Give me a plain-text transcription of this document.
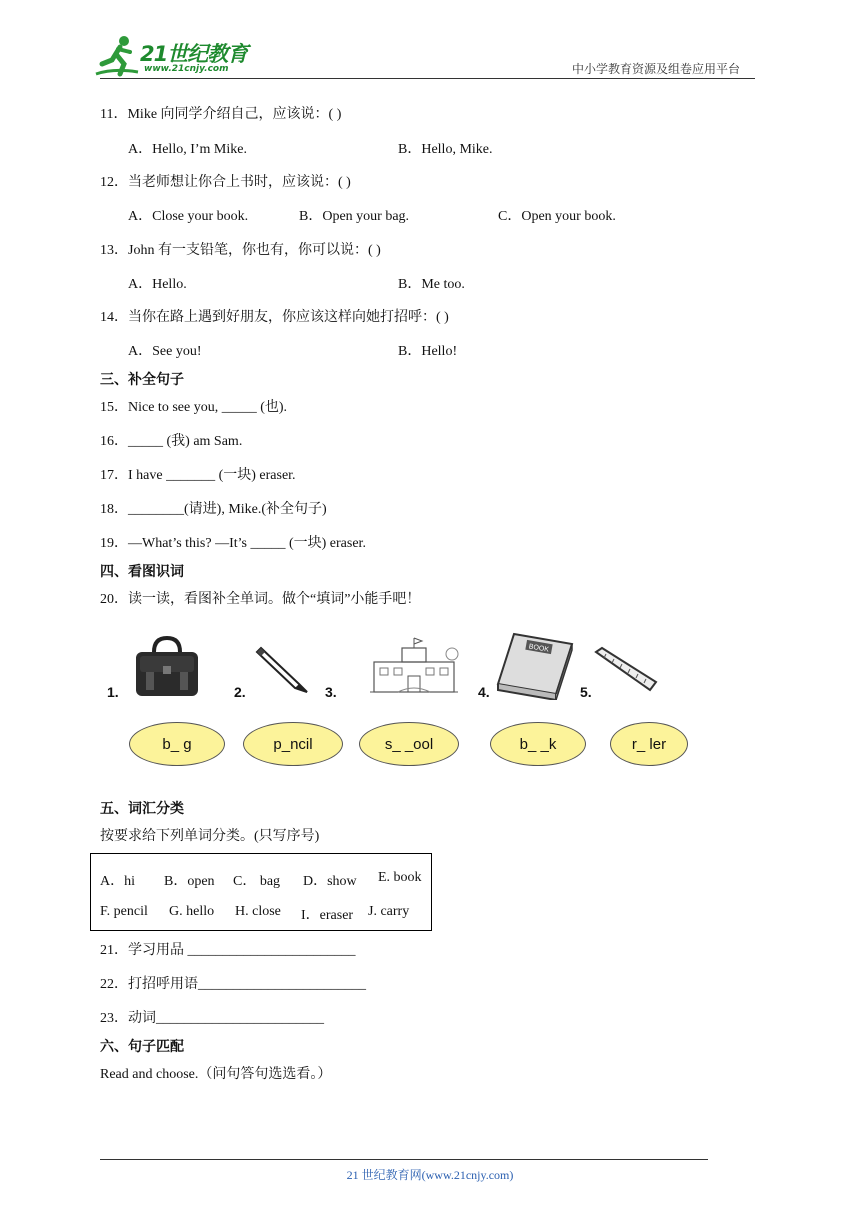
21世纪教育
www.21cnjy.com	中小学教育资源及组卷应用平台
11．Mike 向同学介绍自己，应该说：( )
A．Hello, I’m Mike.	B．Hello, Mike.
12．当老师想让你合上书时，应该说：( )
A．Close your book.	B．Open your bag.	C．Open your book.
13．John 有一支铅笔，你也有，你可以说：( )
A．Hello.	B．Me too.
14．当你在路上遇到好朋友，你应该这样向她打招呼：( )
A．See you!	B．Hello!
三、补全句子
15．Nice to see you, _____ (也).
16．_____ (我) am Sam.
17．I have _______ (一块) eraser.
18．________(请进), Mike.(补全句子)
19．—What’s this? —It’s _____ (一块) eraser.
四、看图识词
20．读一读，看图补全单词。做个“填词”小能手吧！
1.	2.	3.	4.	5.
BOOK
b_ g	p_ncil	s_ _ool	b_ _k	r_ ler
五、词汇分类
按要求给下列单词分类。(只写序号)
A．hi B．open C． bag D．show E. book
F. pencil G. hello H. close I．eraser J. carry
21．学习用品 ________________________
22．打招呼用语________________________
23．动词________________________
六、句子匹配
Read and choose.（问句答句选选看。）
21 世纪教育网(www.21cnjy.com)
